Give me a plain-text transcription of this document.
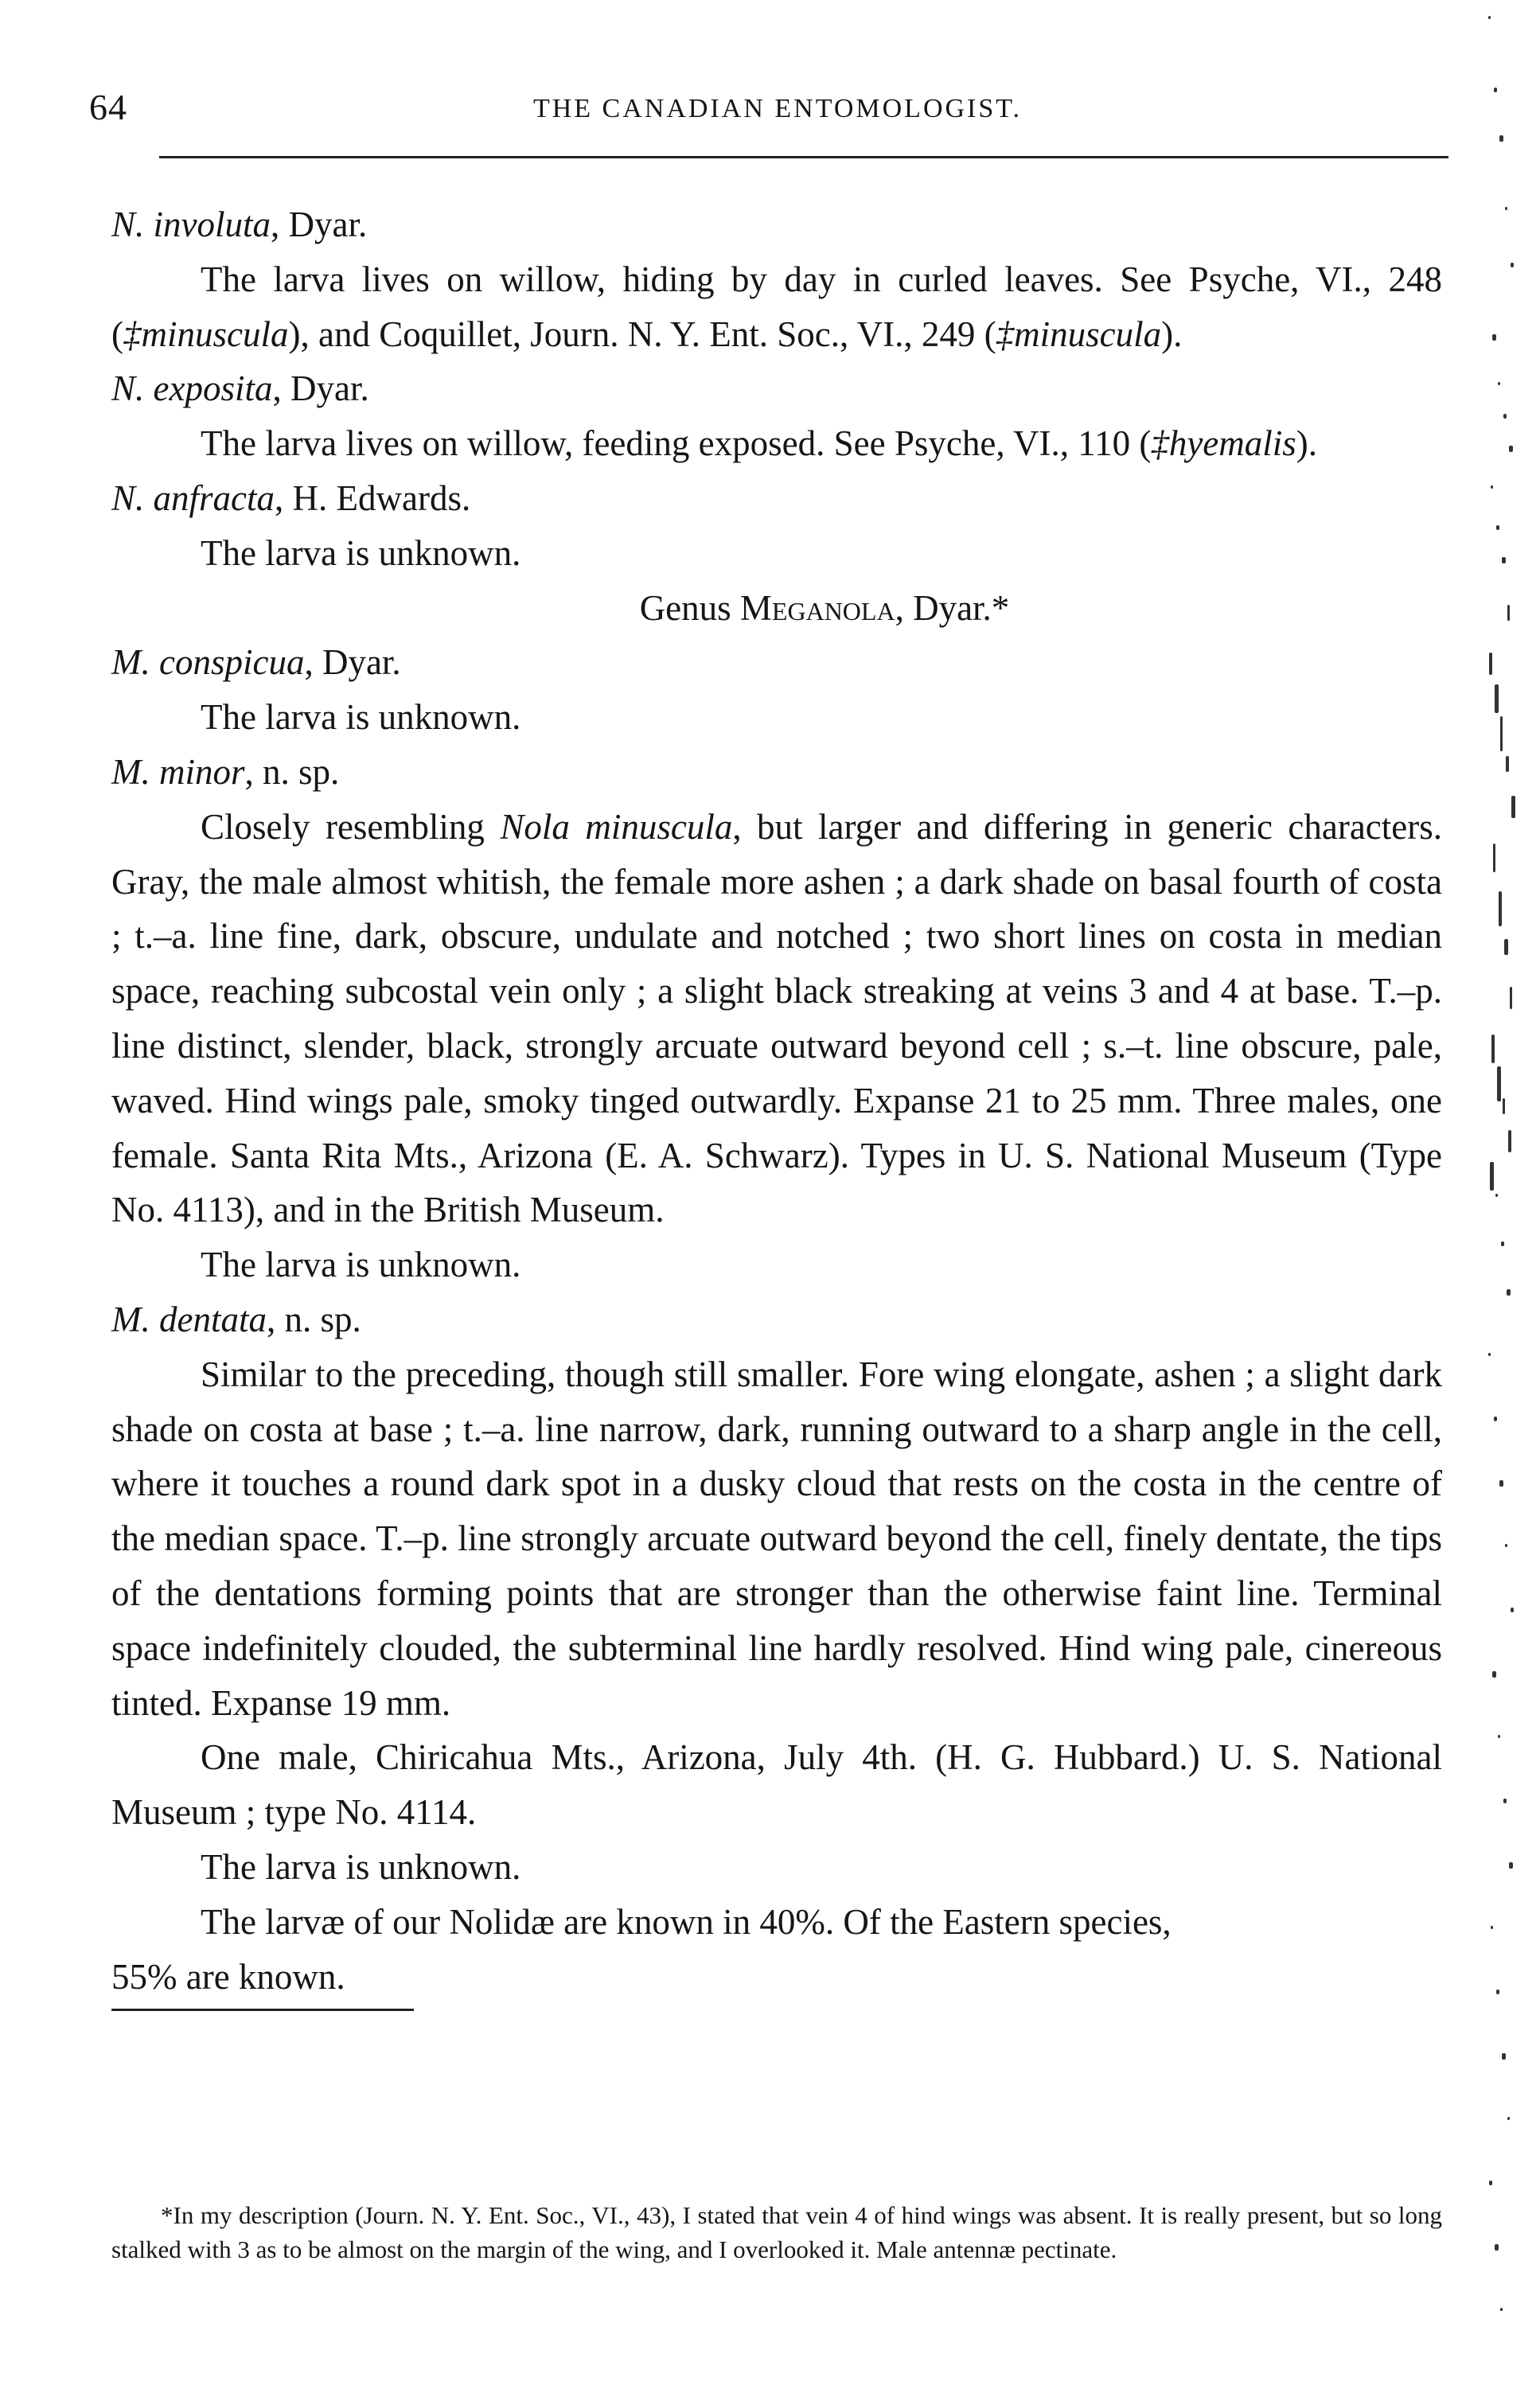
64	THE CANADIAN ENTOMOLOGIST.

N. involuta, Dyar.

The larva lives on willow, hiding by day in curled leaves. See Psyche, VI., 248 (‡minuscula), and Coquillet, Journ. N. Y. Ent. Soc., VI., 249 (‡minuscula).

N. exposita, Dyar.

The larva lives on willow, feeding exposed. See Psyche, VI., 110 (‡hyemalis).

N. anfracta, H. Edwards.

The larva is unknown.

Genus Meganola, Dyar.*

M. conspicua, Dyar.

The larva is unknown.

M. minor, n. sp.

Closely resembling Nola minuscula, but larger and differing in generic characters. Gray, the male almost whitish, the female more ashen ; a dark shade on basal fourth of costa ; t.–a. line fine, dark, obscure, undulate and notched ; two short lines on costa in median space, reaching subcostal vein only ; a slight black streaking at veins 3 and 4 at base. T.–p. line distinct, slender, black, strongly arcuate outward beyond cell ; s.–t. line obscure, pale, waved. Hind wings pale, smoky tinged outwardly. Expanse 21 to 25 mm. Three males, one female. Santa Rita Mts., Arizona (E. A. Schwarz). Types in U. S. National Museum (Type No. 4113), and in the British Museum.

The larva is unknown.

M. dentata, n. sp.

Similar to the preceding, though still smaller. Fore wing elongate, ashen ; a slight dark shade on costa at base ; t.–a. line narrow, dark, running outward to a sharp angle in the cell, where it touches a round dark spot in a dusky cloud that rests on the costa in the centre of the median space. T.–p. line strongly arcuate outward beyond the cell, finely dentate, the tips of the dentations forming points that are stronger than the otherwise faint line. Terminal space indefinitely clouded, the subterminal line hardly resolved. Hind wing pale, cinereous tinted. Expanse 19 mm.

One male, Chiricahua Mts., Arizona, July 4th. (H. G. Hubbard.) U. S. National Museum ; type No. 4114.

The larva is unknown.

The larvæ of our Nolidæ are known in 40%. Of the Eastern species,

55% are known.

*In my description (Journ. N. Y. Ent. Soc., VI., 43), I stated that vein 4 of hind wings was absent. It is really present, but so long stalked with 3 as to be almost on the margin of the wing, and I overlooked it. Male antennæ pectinate.
